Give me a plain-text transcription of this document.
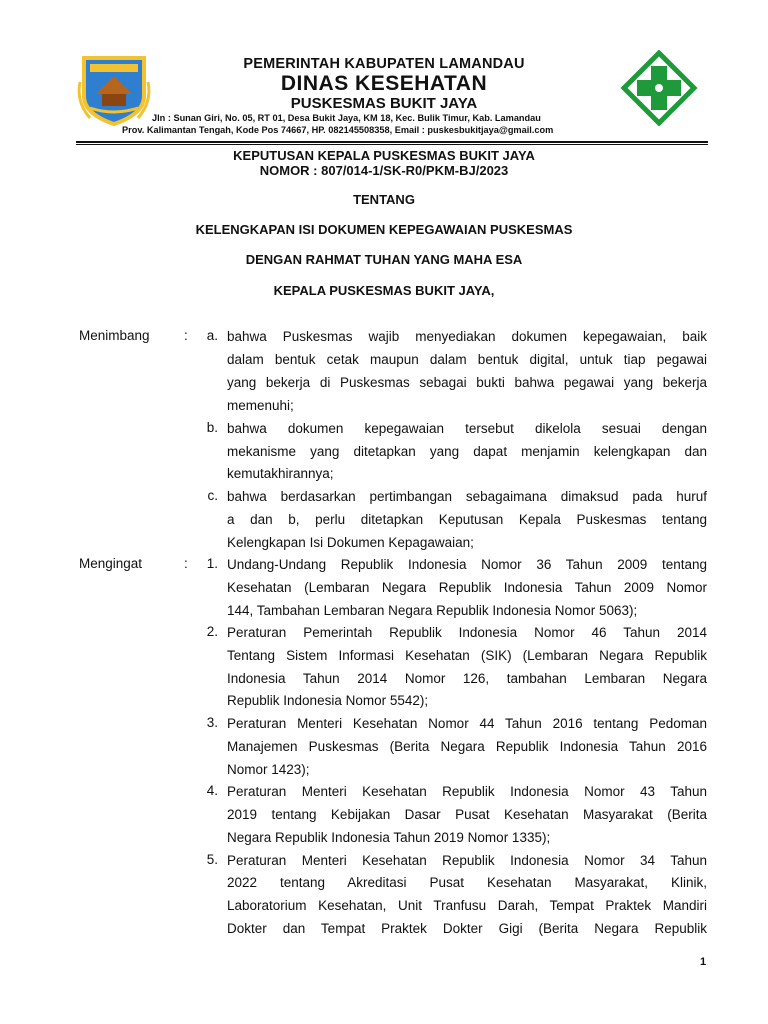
PEMERINTAH KABUPATEN LAMANDAU
DINAS KESEHATAN
PUSKESMAS BUKIT JAYA
Jln : Sunan Giri, No. 05, RT 01, Desa Bukit Jaya, KM 18, Kec. Bulik Timur, Kab. Lamandau
Prov. Kalimantan Tengah, Kode Pos 74667, HP. 082145508358, Email : puskesbukitjaya@gmail.com
KEPUTUSAN KEPALA PUSKESMAS BUKIT JAYA
NOMOR : 807/014-1/SK-R0/PKM-BJ/2023
TENTANG
KELENGKAPAN ISI DOKUMEN KEPEGAWAIAN PUSKESMAS
DENGAN RAHMAT TUHAN YANG MAHA ESA
KEPALA PUSKESMAS BUKIT JAYA,
Menimbang	:	a. bahwa Puskesmas wajib menyediakan dokumen kepegawaian, baik
dalam bentuk cetak maupun dalam bentuk digital, untuk tiap pegawai
yang bekerja di Puskesmas sebagai bukti bahwa pegawai yang bekerja
memenuhi;
b. bahwa dokumen kepegawaian tersebut dikelola sesuai dengan
mekanisme yang ditetapkan yang dapat menjamin kelengkapan dan
kemutakhirannya;
c. bahwa berdasarkan pertimbangan sebagaimana dimaksud pada huruf
a dan b, perlu ditetapkan Keputusan Kepala Puskesmas tentang
Kelengkapan Isi Dokumen Kepagawaian;
Mengingat	:	1. Undang-Undang Republik Indonesia Nomor 36 Tahun 2009 tentang
Kesehatan (Lembaran Negara Republik Indonesia Tahun 2009 Nomor
144, Tambahan Lembaran Negara Republik Indonesia Nomor 5063);
2. Peraturan Pemerintah Republik Indonesia Nomor 46 Tahun 2014
Tentang Sistem Informasi Kesehatan (SIK) (Lembaran Negara Republik
Indonesia Tahun 2014 Nomor 126, tambahan Lembaran Negara
Republik Indonesia Nomor 5542);
3. Peraturan Menteri Kesehatan Nomor 44 Tahun 2016 tentang Pedoman
Manajemen Puskesmas (Berita Negara Republik Indonesia Tahun 2016
Nomor 1423);
4. Peraturan Menteri Kesehatan Republik Indonesia Nomor 43 Tahun
2019 tentang Kebijakan Dasar Pusat Kesehatan Masyarakat (Berita
Negara Republik Indonesia Tahun 2019 Nomor 1335);
5. Peraturan Menteri Kesehatan Republik Indonesia Nomor 34 Tahun
2022 tentang Akreditasi Pusat Kesehatan Masyarakat, Klinik,
Laboratorium Kesehatan, Unit Tranfusu Darah, Tempat Praktek Mandiri
Dokter dan Tempat Praktek Dokter Gigi (Berita Negara Republik
1
